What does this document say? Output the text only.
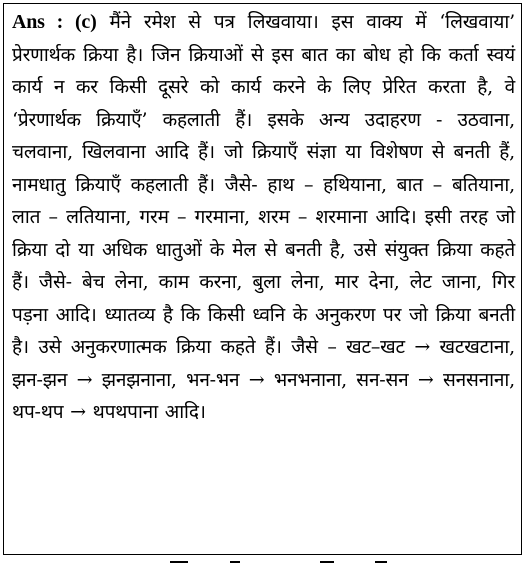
Ans : (c) मैंने रमेश से पत्र लिखवाया। इस वाक्य में ‘लिखवाया’ प्रेरणार्थक क्रिया है। जिन क्रियाओं से इस बात का बोध हो कि कर्ता स्वयं कार्य न कर किसी दूसरे को कार्य करने के लिए प्रेरित करता है, वे ‘प्रेरणार्थक क्रियाएँ’ कहलाती हैं। इसके अन्य उदाहरण - उठवाना, चलवाना, खिलवाना आदि हैं। जो क्रियाएँ संज्ञा या विशेषण से बनती हैं, नामधातु क्रियाएँ कहलाती हैं। जैसे- हाथ – हथियाना, बात – बतियाना, लात – लतियाना, गरम – गरमाना, शरम – शरमाना आदि। इसी तरह जो क्रिया दो या अधिक धातुओं के मेल से बनती है, उसे संयुक्त क्रिया कहते हैं। जैसे- बेच लेना, काम करना, बुला लेना, मार देना, लेट जाना, गिर पड़ना आदि। ध्यातव्य है कि किसी ध्वनि के अनुकरण पर जो क्रिया बनती है। उसे अनुकरणात्मक क्रिया कहते हैं। जैसे – खट–खट → खटखटाना, झन-झन → झनझनाना, भन-भन → भनभनाना, सन-सन → सनसनाना, थप-थप → थपथपाना आदि।
